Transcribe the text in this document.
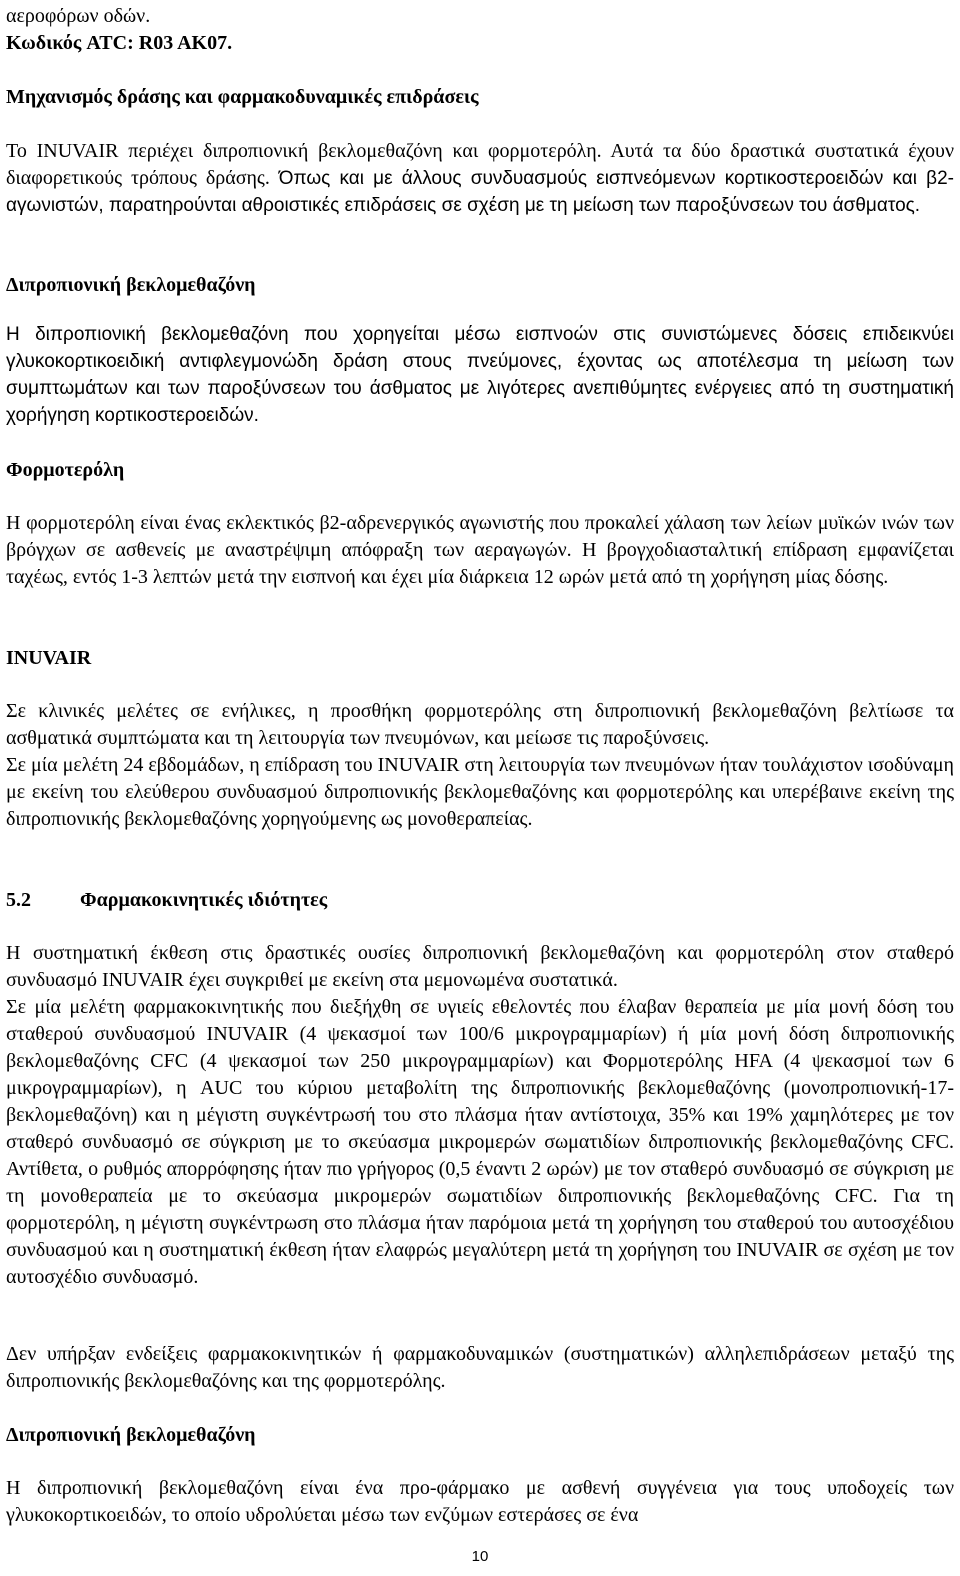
αεροφόρων οδών.

Κωδικός ATC: R03 AK07.

Μηχανισμός δράσης και φαρμακοδυναμικές επιδράσεις

Το INUVAIR περιέχει διπροπιονική βεκλομεθαζόνη και φορμοτερόλη. Αυτά τα δύο δραστικά συστατικά έχουν διαφορετικούς τρόπους δράσης. Όπως και με άλλους συνδυασμούς εισπνεόμενων κορτικοστεροειδών και β2-αγωνιστών, παρατηρούνται αθροιστικές επιδράσεις σε σχέση με τη μείωση των παροξύνσεων του άσθματος.

Διπροπιονική βεκλομεθαζόνη

Η διπροπιονική βεκλομεθαζόνη που χορηγείται μέσω εισπνοών στις συνιστώμενες δόσεις επιδεικνύει γλυκοκορτικοειδική αντιφλεγμονώδη δράση στους πνεύμονες, έχοντας ως αποτέλεσμα τη μείωση των συμπτωμάτων και των παροξύνσεων του άσθματος με λιγότερες ανεπιθύμητες ενέργειες από τη συστηματική χορήγηση κορτικοστεροειδών.

Φορμοτερόλη

Η φορμοτερόλη είναι ένας εκλεκτικός β2-αδρενεργικός αγωνιστής που προκαλεί χάλαση των λείων μυϊκών ινών των βρόγχων σε ασθενείς με αναστρέψιμη απόφραξη των αεραγωγών. Η βρογχοδιασταλτική επίδραση εμφανίζεται ταχέως, εντός 1-3 λεπτών μετά την εισπνοή και έχει μία διάρκεια 12 ωρών μετά από τη χορήγηση μίας δόσης.

INUVAIR

Σε κλινικές μελέτες σε ενήλικες, η προσθήκη φορμοτερόλης στη διπροπιονική βεκλομεθαζόνη βελτίωσε τα ασθματικά συμπτώματα και τη λειτουργία των πνευμόνων, και μείωσε τις παροξύνσεις.

Σε μία μελέτη 24 εβδομάδων, η επίδραση του INUVAIR στη λειτουργία των πνευμόνων ήταν τουλάχιστον ισοδύναμη με εκείνη του ελεύθερου συνδυασμού διπροπιονικής βεκλομεθαζόνης και φορμοτερόλης και υπερέβαινε εκείνη της διπροπιονικής βεκλομεθαζόνης χορηγούμενης ως μονοθεραπείας.

5.2 Φαρμακοκινητικές ιδιότητες

Η συστηματική έκθεση στις δραστικές ουσίες διπροπιονική βεκλομεθαζόνη και φορμοτερόλη στον σταθερό συνδυασμό INUVAIR έχει συγκριθεί με εκείνη στα μεμονωμένα συστατικά.

Σε μία μελέτη φαρμακοκινητικής που διεξήχθη σε υγιείς εθελοντές που έλαβαν θεραπεία με μία μονή δόση του σταθερού συνδυασμού INUVAIR (4 ψεκασμοί των 100/6 μικρογραμμαρίων) ή μία μονή δόση διπροπιονικής βεκλομεθαζόνης CFC (4 ψεκασμοί των 250 μικρογραμμαρίων) και Φορμοτερόλης HFA (4 ψεκασμοί των 6 μικρογραμμαρίων), η AUC του κύριου μεταβολίτη της διπροπιονικής βεκλομεθαζόνης (μονοπροπιονική-17- βεκλομεθαζόνη) και η μέγιστη συγκέντρωσή του στο πλάσμα ήταν αντίστοιχα, 35% και 19% χαμηλότερες με τον σταθερό συνδυασμό σε σύγκριση με το σκεύασμα μικρομερών σωματιδίων διπροπιονικής βεκλομεθαζόνης CFC. Αντίθετα, ο ρυθμός απορρόφησης ήταν πιο γρήγορος (0,5 έναντι 2 ωρών) με τον σταθερό συνδυασμό σε σύγκριση με τη μονοθεραπεία με το σκεύασμα μικρομερών σωματιδίων διπροπιονικής βεκλομεθαζόνης CFC. Για τη φορμοτερόλη, η μέγιστη συγκέντρωση στο πλάσμα ήταν παρόμοια μετά τη χορήγηση του σταθερού του αυτοσχέδιου συνδυασμού και η συστηματική έκθεση ήταν ελαφρώς μεγαλύτερη μετά τη χορήγηση του INUVAIR σε σχέση με τον αυτοσχέδιο συνδυασμό.

Δεν υπήρξαν ενδείξεις φαρμακοκινητικών ή φαρμακοδυναμικών (συστηματικών) αλληλεπιδράσεων μεταξύ της διπροπιονικής βεκλομεθαζόνης και της φορμοτερόλης.

Διπροπιονική βεκλομεθαζόνη

Η διπροπιονική βεκλομεθαζόνη είναι ένα προ-φάρμακο με ασθενή συγγένεια για τους υποδοχείς των γλυκοκορτικοειδών, το οποίο υδρολύεται μέσω των ενζύμων εστεράσες σε ένα

10
